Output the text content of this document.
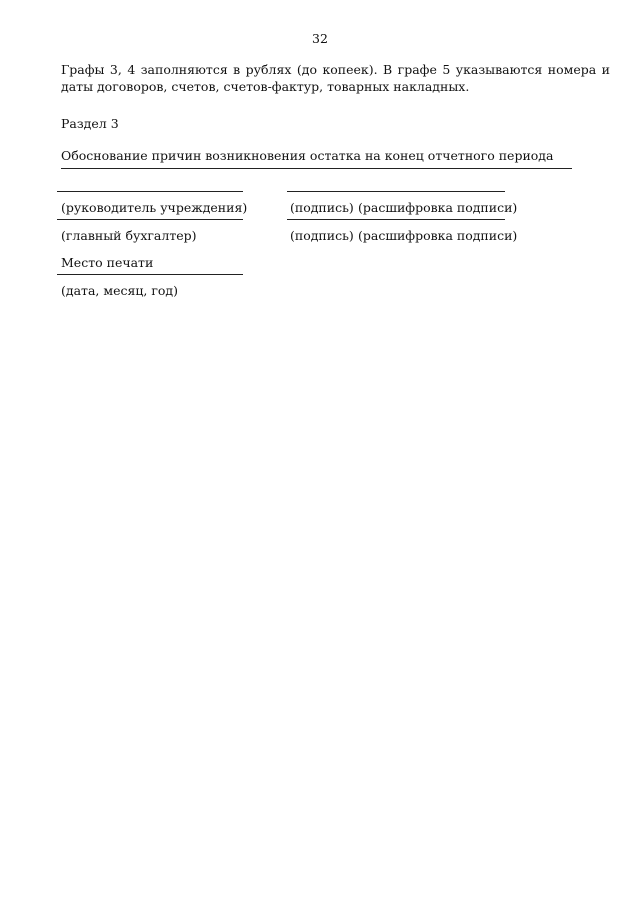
32
Графы 3, 4 заполняются в рублях (до копеек). В графе 5 указываются номера и даты договоров, счетов, счетов-фактур, товарных накладных.
Раздел 3
Обоснование причин возникновения остатка на конец отчетного периода
(руководитель учреждения)	(подпись) (расшифровка подписи)
(главный бухгалтер)	(подпись) (расшифровка подписи)
Место печати
(дата, месяц, год)
